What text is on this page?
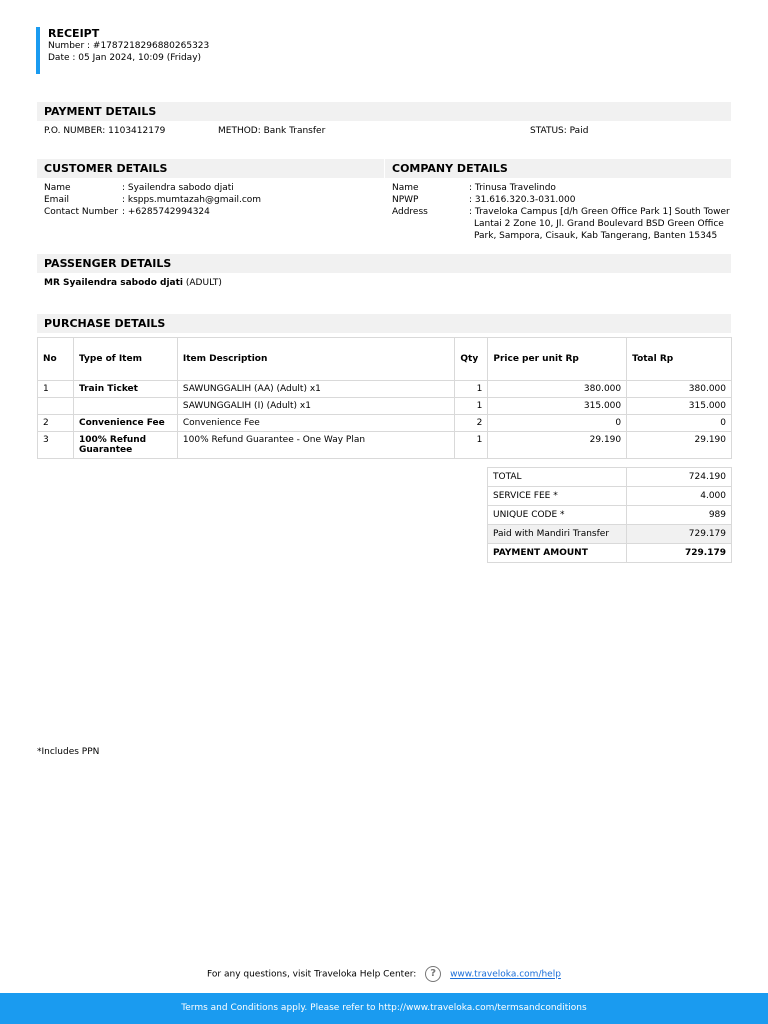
RECEIPT
Number : #1787218296880265323
Date : 05 Jan 2024, 10:09 (Friday)
PAYMENT DETAILS
P.O. NUMBER: 1103412179	METHOD: Bank Transfer	STATUS: Paid
CUSTOMER DETAILS	COMPANY DETAILS
Name	: Syailendra sabodo djati
Email	: kspps.mumtazah@gmail.com
Contact Number : +6285742994324
Name	: Trinusa Travelindo
NPWP	: 31.616.320.3-031.000
Address	: Traveloka Campus [d/h Green Office Park 1] South Tower
Lantai 2 Zone 10, Jl. Grand Boulevard BSD Green Office
Park, Sampora, Cisauk, Kab Tangerang, Banten 15345
PASSENGER DETAILS
MR Syailendra sabodo djati (ADULT)
PURCHASE DETAILS
No	Type of Item	Item Description	Qty	Price per unit Rp	Total Rp
1	Train Ticket	SAWUNGGALIH (AA) (Adult) x1	1	380.000	380.000
		SAWUNGGALIH (I) (Adult) x1	1	315.000	315.000
2	Convenience Fee	Convenience Fee	2	0	0
3	100% Refund Guarantee	100% Refund Guarantee - One Way Plan	1	29.190	29.190
TOTAL	724.190
SERVICE FEE *	4.000
UNIQUE CODE *	989
Paid with Mandiri Transfer	729.179
PAYMENT AMOUNT	729.179
*Includes PPN
For any questions, visit Traveloka Help Center: ? www.traveloka.com/help
Terms and Conditions apply. Please refer to http://www.traveloka.com/termsandconditions
